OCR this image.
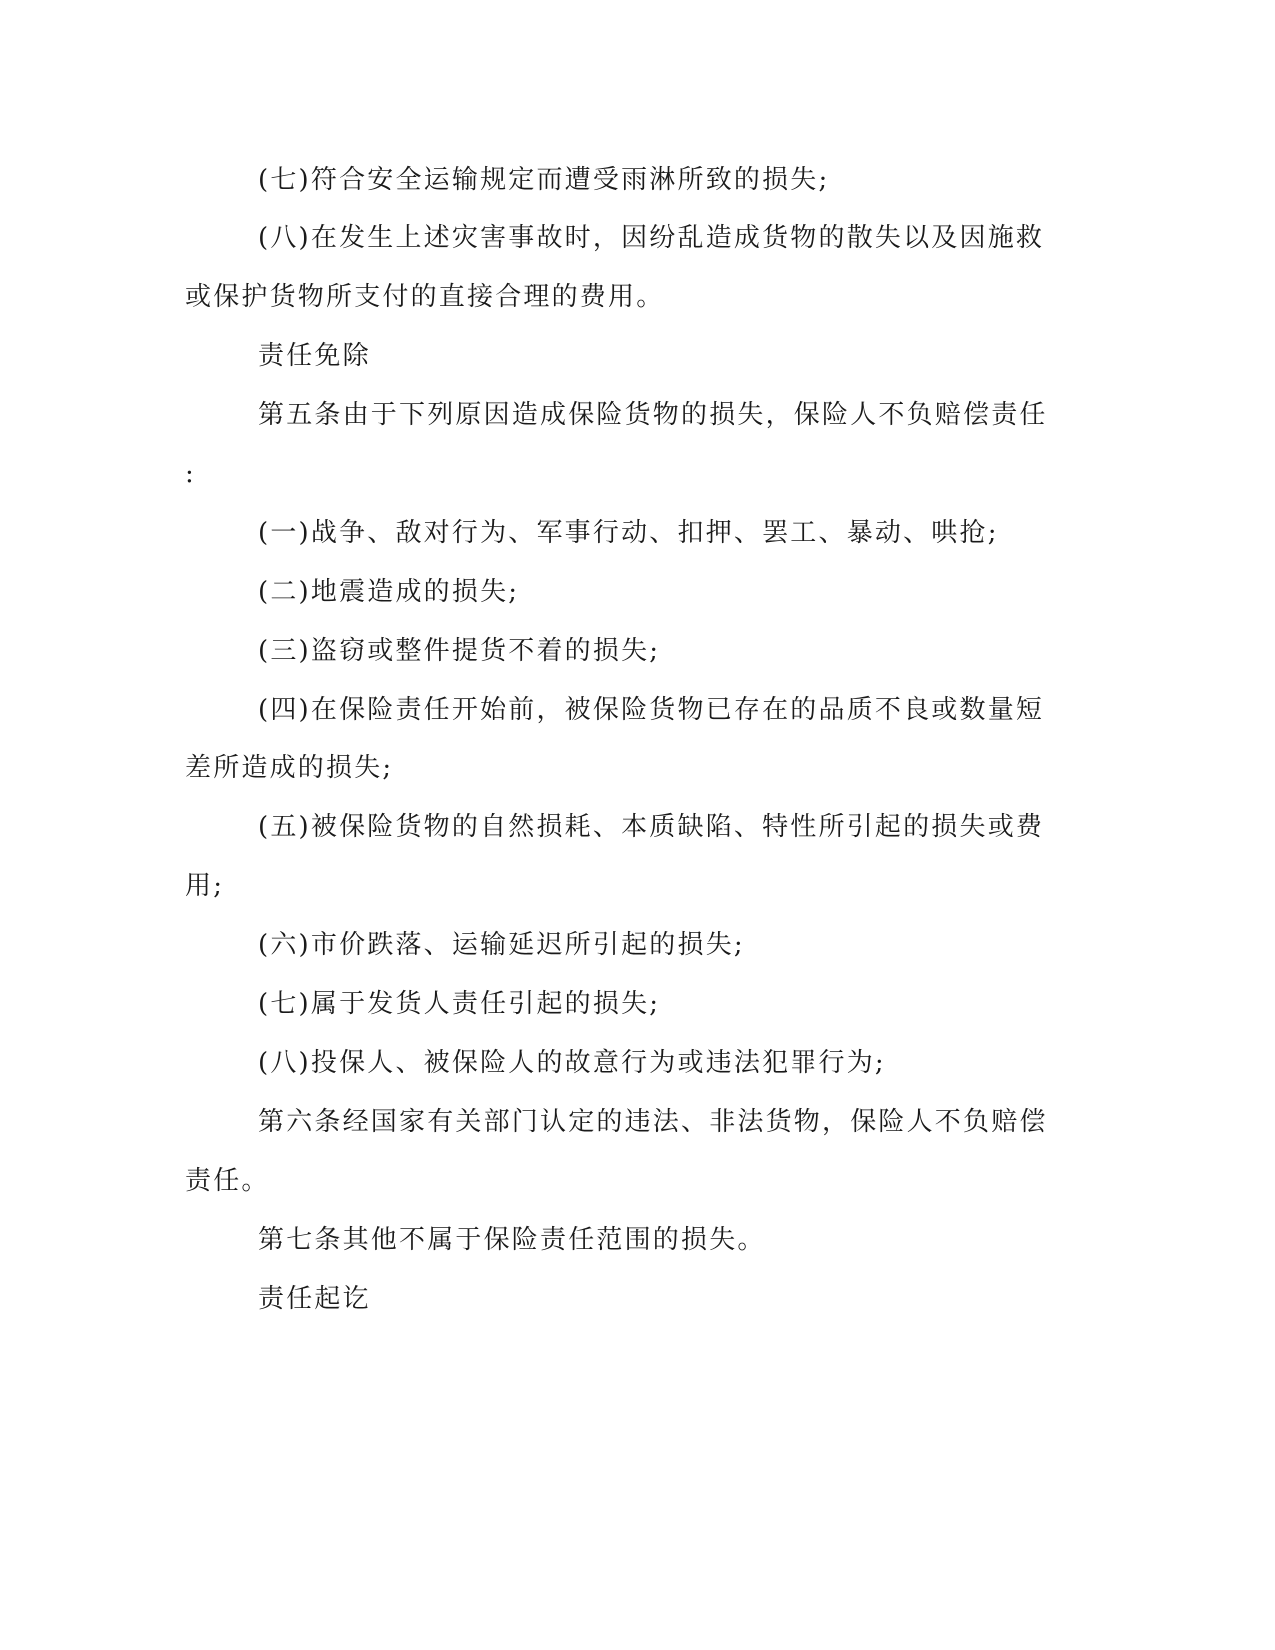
(七)符合安全运输规定而遭受雨淋所致的损失;
(八)在发生上述灾害事故时，因纷乱造成货物的散失以及因施救
或保护货物所支付的直接合理的费用。
责任免除
第五条由于下列原因造成保险货物的损失，保险人不负赔偿责任
:
(一)战争、敌对行为、军事行动、扣押、罢工、暴动、哄抢;
(二)地震造成的损失;
(三)盗窃或整件提货不着的损失;
(四)在保险责任开始前，被保险货物已存在的品质不良或数量短
差所造成的损失;
(五)被保险货物的自然损耗、本质缺陷、特性所引起的损失或费
用;
(六)市价跌落、运输延迟所引起的损失;
(七)属于发货人责任引起的损失;
(八)投保人、被保险人的故意行为或违法犯罪行为;
第六条经国家有关部门认定的违法、非法货物，保险人不负赔偿
责任。
第七条其他不属于保险责任范围的损失。
责任起讫
